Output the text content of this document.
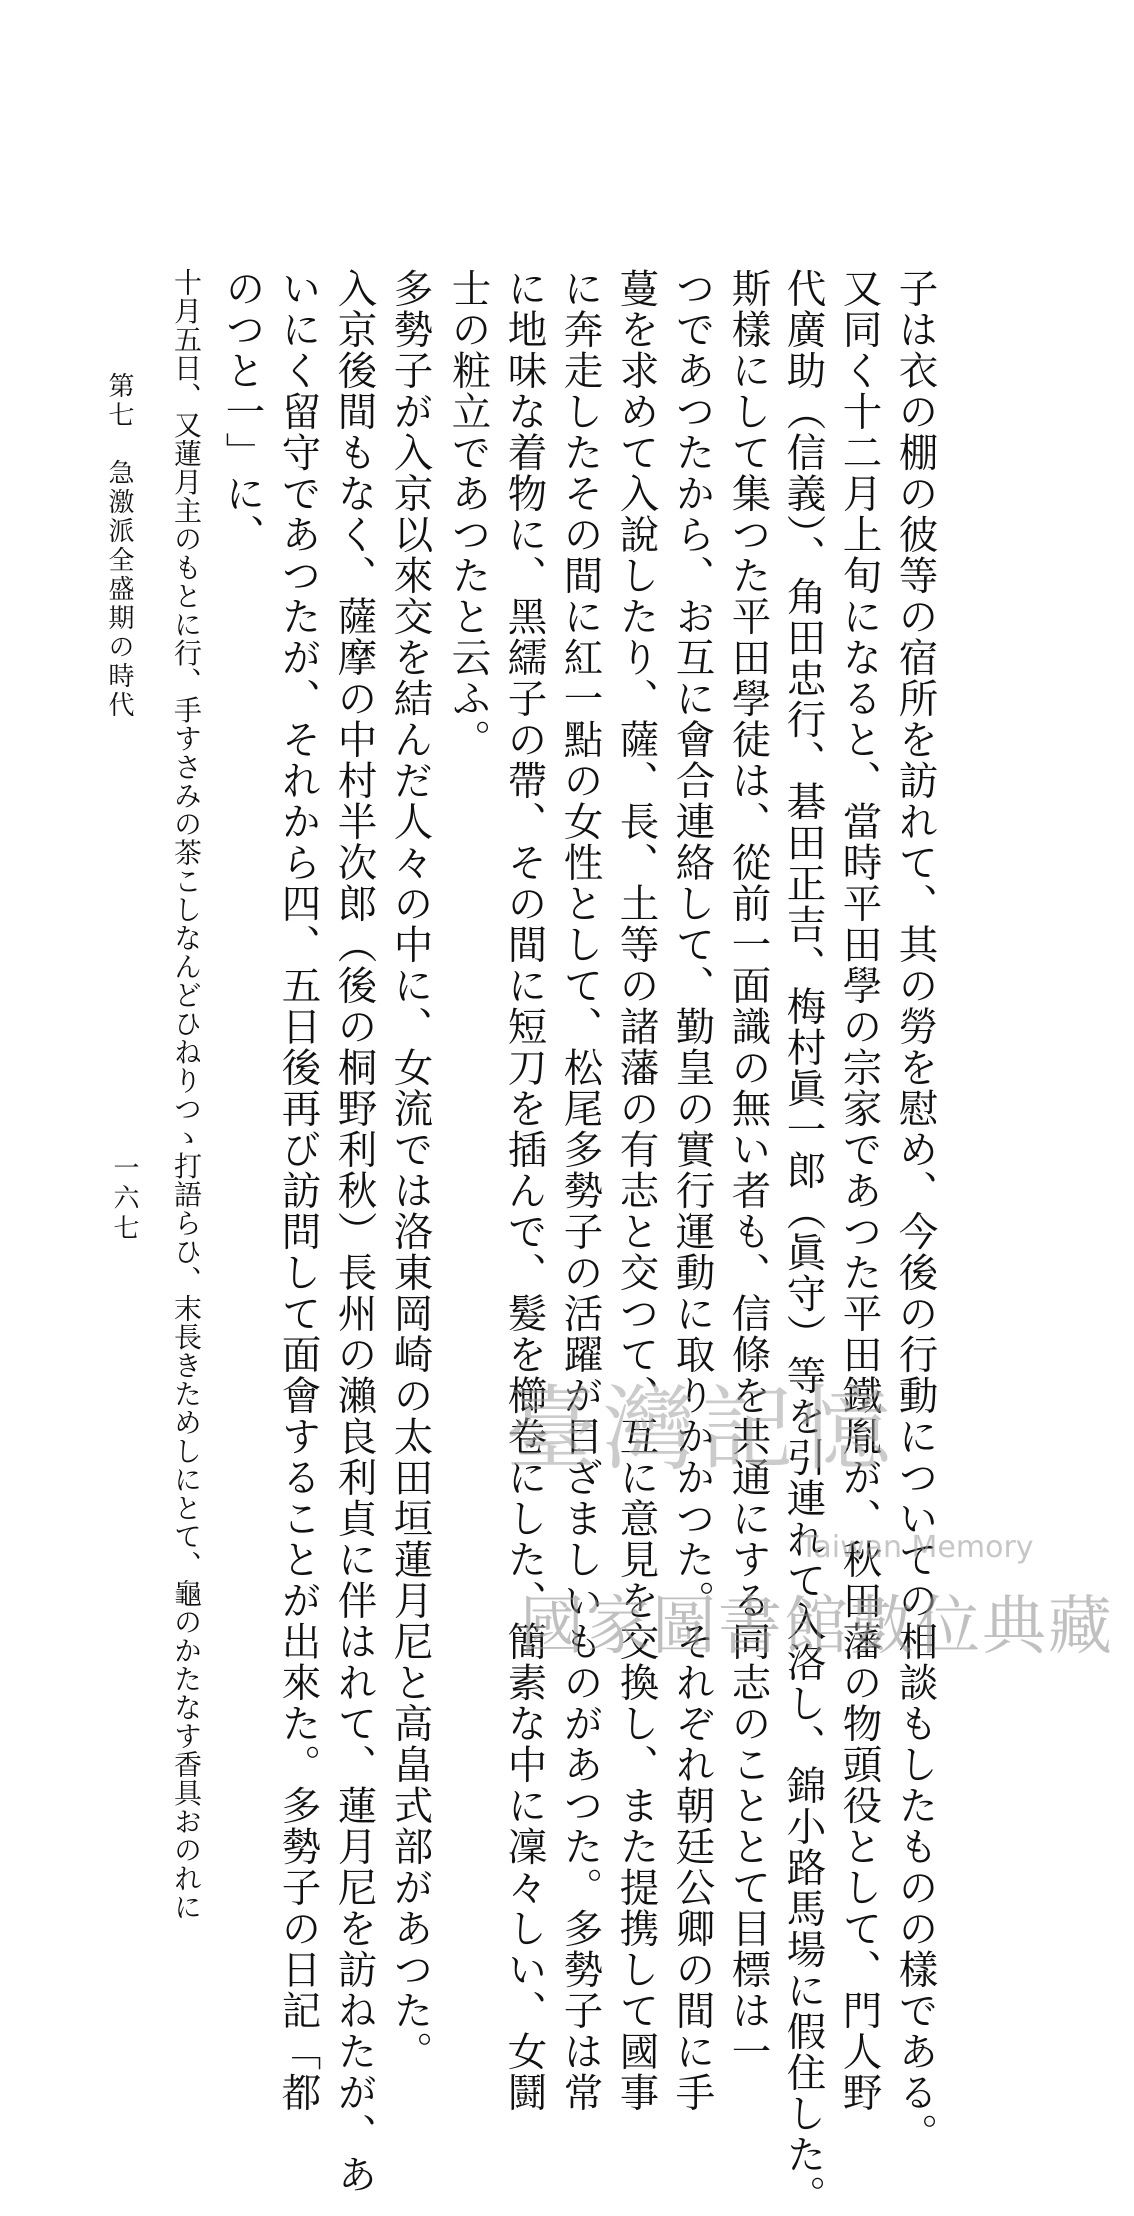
子は衣の棚の彼等の宿所を訪れて、其の勞を慰め、今後の行動についての相談もしたものの樣である。
又同く十二月上旬になると、當時平田學の宗家であつた平田鐵胤が、秋田藩の物頭役として、門人野
代廣助（信義）、角田忠行、碁田正吉、梅村眞一郎（眞守）等を引連れて入洛し、錦小路馬場に假住した。
斯樣にして集つた平田學徒は、從前一面識の無い者も、信條を共通にする同志のこととて目標は一
つであつたから、お互に會合連絡して、勤皇の實行運動に取りかかつた。それぞれ朝廷公卿の間に手
蔓を求めて入說したり、薩、長、土等の諸藩の有志と交つて、互に意見を交換し、また提携して國事
に奔走したその間に紅一點の女性として、松尾多勢子の活躍が目ざましいものがあつた。多勢子は常
に地味な着物に、黑繻子の帶、その間に短刀を插んで、髮を櫛卷にした、簡素な中に凜々しい、女鬪
士の粧立であつたと云ふ。
多勢子が入京以來交を結んだ人々の中に、女流では洛東岡崎の太田垣蓮月尼と高畠式部があつた。
入京後間もなく、薩摩の中村半次郎（後の桐野利秋）長州の瀨良利貞に伴はれて、蓮月尼を訪ねたが、あ
いにく留守であつたが、それから四、五日後再び訪問して面會することが出來た。多勢子の日記「都
のつと一」に、
十月五日、又蓮月主のもとに行、手すさみの茶こしなんどひねりつゝ打語らひ、末長きためしにとて、龜のかたなす香具おのれに
第七　急激派全盛期の時代
一六七
臺灣記憶
Taiwan Memory
國家圖書館數位典藏
